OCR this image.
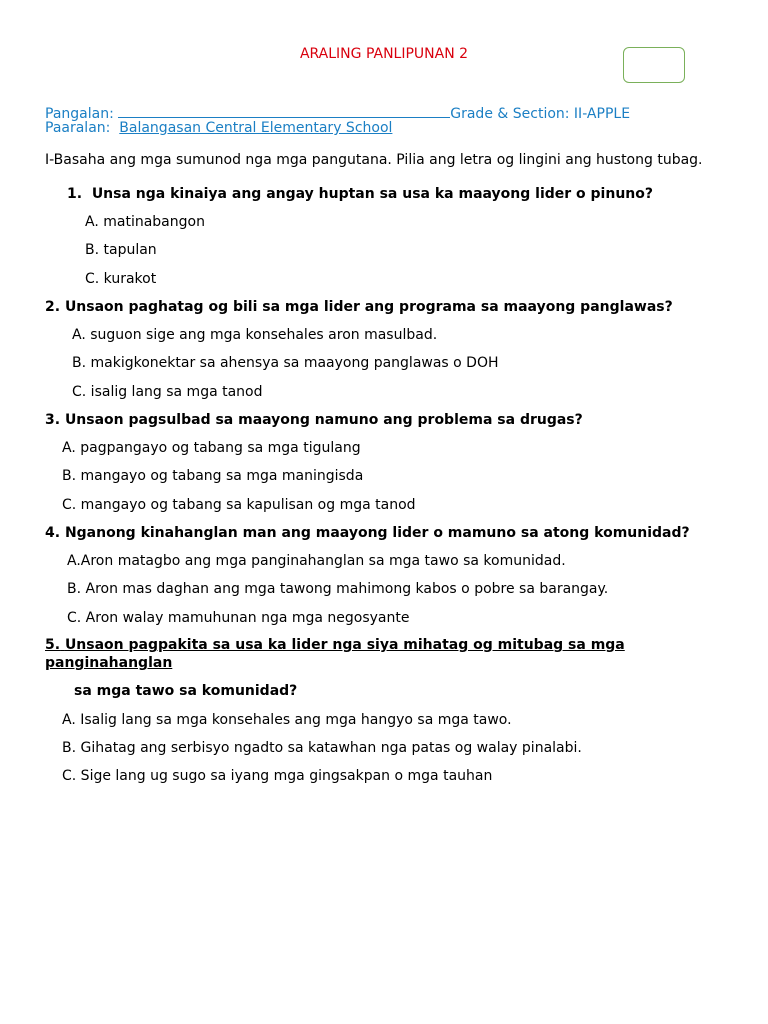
ARALING PANLIPUNAN 2
Pangalan:	Grade & Section: II-APPLE
Paaralan: Balangasan Central Elementary School
I-Basaha ang mga sumunod nga mga pangutana. Pilia ang letra og lingini ang hustong tubag.
1. Unsa nga kinaiya ang angay huptan sa usa ka maayong lider o pinuno?
A. matinabangon
B. tapulan
C. kurakot
2. Unsaon paghatag og bili sa mga lider ang programa sa maayong panglawas?
A. suguon sige ang mga konsehales aron masulbad.
B. makigkonektar sa ahensya sa maayong panglawas o DOH
C. isalig lang sa mga tanod
3. Unsaon pagsulbad sa maayong namuno ang problema sa drugas?
A. pagpangayo og tabang sa mga tigulang
B. mangayo og tabang sa mga maningisda
C. mangayo og tabang sa kapulisan og mga tanod
4. Nganong kinahanglan man ang maayong lider o mamuno sa atong komunidad?
A.Aron matagbo ang mga panginahanglan sa mga tawo sa komunidad.
B. Aron mas daghan ang mga tawong mahimong kabos o pobre sa barangay.
C. Aron walay mamuhunan nga mga negosyante
5. Unsaon pagpakita sa usa ka lider nga siya mihatag og mitubag sa mga
panginahanglan
sa mga tawo sa komunidad?
A. Isalig lang sa mga konsehales ang mga hangyo sa mga tawo.
B. Gihatag ang serbisyo ngadto sa katawhan nga patas og walay pinalabi.
C. Sige lang ug sugo sa iyang mga gingsakpan o mga tauhan
